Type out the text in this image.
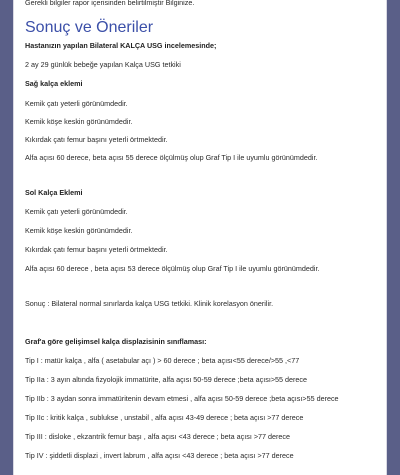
Gerekli bilgiler rapor içerisinden belirtilmiştir Bilginize.
Sonuç ve Öneriler
Hastanızın yapılan Bilateral KALÇA USG incelemesinde;
2 ay 29 günlük bebeğe yapılan Kalça USG tetkiki
Sağ kalça eklemi
Kemik çatı yeterli görünümdedir.
Kemik köşe keskin görünümdedir.
Kıkırdak çatı femur başını yeterli örtmektedir.
Alfa açısı 60 derece, beta açısı 55 derece ölçülmüş olup Graf Tip I ile uyumlu görünümdedir.
Sol Kalça Eklemi
Kemik çatı yeterli görünümdedir.
Kemik köşe keskin görünümdedir.
Kıkırdak çatı femur başını yeterli örtmektedir.
Alfa açısı 60 derece , beta açısı 53 derece ölçülmüş olup Graf Tip I ile uyumlu görünümdedir.
Sonuç : Bilateral normal sınırlarda kalça USG tetkiki. Klinik korelasyon önerilir.
Graf'a göre gelişimsel kalça displazisinin sınıflaması:
Tip I : matür kalça , alfa ( asetabular açı ) > 60 derece ; beta açısı<55 derece/>55 ,<77
Tip IIa : 3 ayın altında fizyolojik immatürite, alfa açısı 50-59 derece ;beta açısı>55 derece
Tip IIb : 3 aydan sonra immatüritenin devam etmesi , alfa açısı 50-59 derece ;beta açısı>55 derece
Tip IIc : kritik kalça , sublukse , unstabil , alfa açısı 43-49 derece ; beta açısı >77 derece
Tip III : disloke , ekzantrik femur başı , alfa açısı <43 derece ; beta açısı >77 derece
Tip IV : şiddetli displazi , invert labrum , alfa açısı <43 derece ; beta açısı >77 derece
